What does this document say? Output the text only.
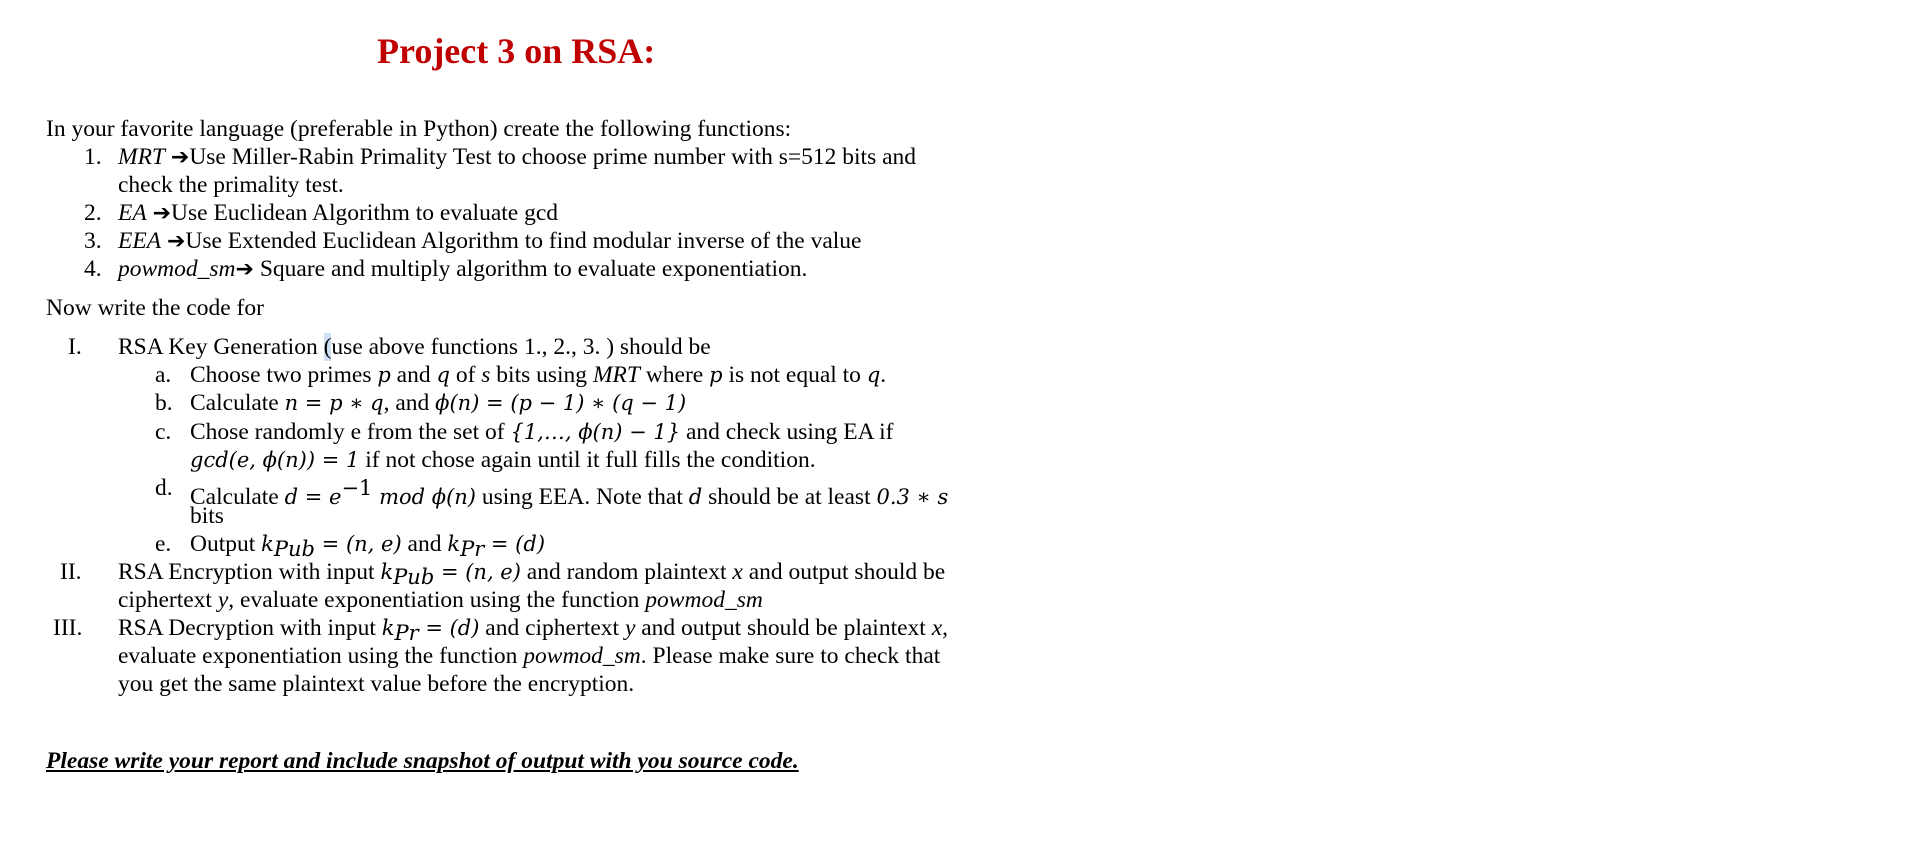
Project 3 on RSA:
In your favorite language (preferable in Python) create the following functions:
1. MRT ➔Use Miller-Rabin Primality Test to choose prime number with s=512 bits and
check the primality test.
2. EA ➔Use Euclidean Algorithm to evaluate gcd
3. EEA ➔Use Extended Euclidean Algorithm to find modular inverse of the value
4. powmod_sm➔ Square and multiply algorithm to evaluate exponentiation.
Now write the code for
I. RSA Key Generation (use above functions 1., 2., 3. ) should be
a. Choose two primes p and q of s bits using MRT where p is not equal to q.
b. Calculate n = p ∗ q, and ϕ(n) = (p − 1) ∗ (q − 1)
c. Chose randomly e from the set of {1,…, ϕ(n) − 1} and check using EA if
gcd(e, ϕ(n)) = 1 if not chose again until it full fills the condition.
d. Calculate $d = e^{-1}$ mod ϕ(n) using EEA. Note that d should be at least 0.3 ∗ s
bits
e. Output $k_{Pub} = (n$, e) and $k_{Pr} = (d)$
II. RSA Encryption with input $k_{Pub} = (n$, e) and random plaintext x and output should be
ciphertext y, evaluate exponentiation using the function powmod_sm
III. RSA Decryption with input $k_{Pr} = (d)$ and ciphertext y and output should be plaintext x,
evaluate exponentiation using the function powmod_sm. Please make sure to check that
you get the same plaintext value before the encryption.
Please write your report and include snapshot of output with you source code.
